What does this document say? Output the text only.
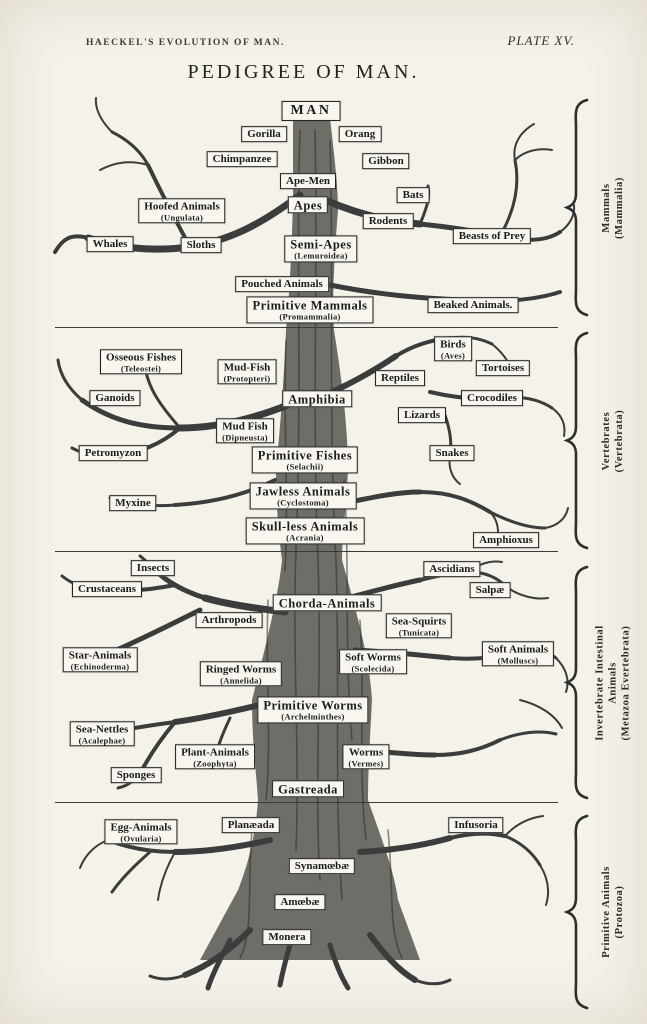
HAECKEL'S EVOLUTION OF MAN.	PLATE XV.
PEDIGREE OF MAN.
MAN
Gorilla	Orang
Chimpanzee	Gibbon
Ape-Men
Bats
Apes
Hoofed Animals
(Ungulata)	Rodents
Beasts of Prey
Whales	Sloths	Semi-Apes
(Lemuroidea)
Pouched Animals
Primitive Mammals
(Promammalia)
Beaked Animals.
Osseous Fishes
(Teleostei)	Mud-Fish
(Protopteri)
Birds
(Aves)
Tortoises
Reptiles
Amphibia
Ganoids	Crocodiles
Lizards
Mud Fish
(Dipneusta)
Petromyzon	Snakes
Primitive Fishes
(Selachii)
Jawless Animals
(Cyclostoma)
Myxine
Skull-less Animals
(Acrania)	Amphioxus
Insects	Ascidians
Crustaceans	Salpæ
Chorda-Animals
Arthropods	Sea-Squirts
(Tunicata)
Star-Animals
(Echinoderma)
Soft Worms
(Scolecida)
Soft Animals
(Molluscs)
Ringed Worms
(Annelida)
Primitive Worms
(Archelminthes)
Sea-Nettles
(Acalephae)
Plant-Animals
(Zoophyta)
Worms
(Vermes)
Sponges
Gastreada
Egg-Animals
(Ovularia)
Planæada	Infusoria
Synamœbæ
Amœbæ
Monera
Mammals (Mammalia)
Vertebrates (Vertebrata)
Invertebrate Intestinal Animals (Metazoa Evertebrata)
Primitive Animals (Protozoa)
